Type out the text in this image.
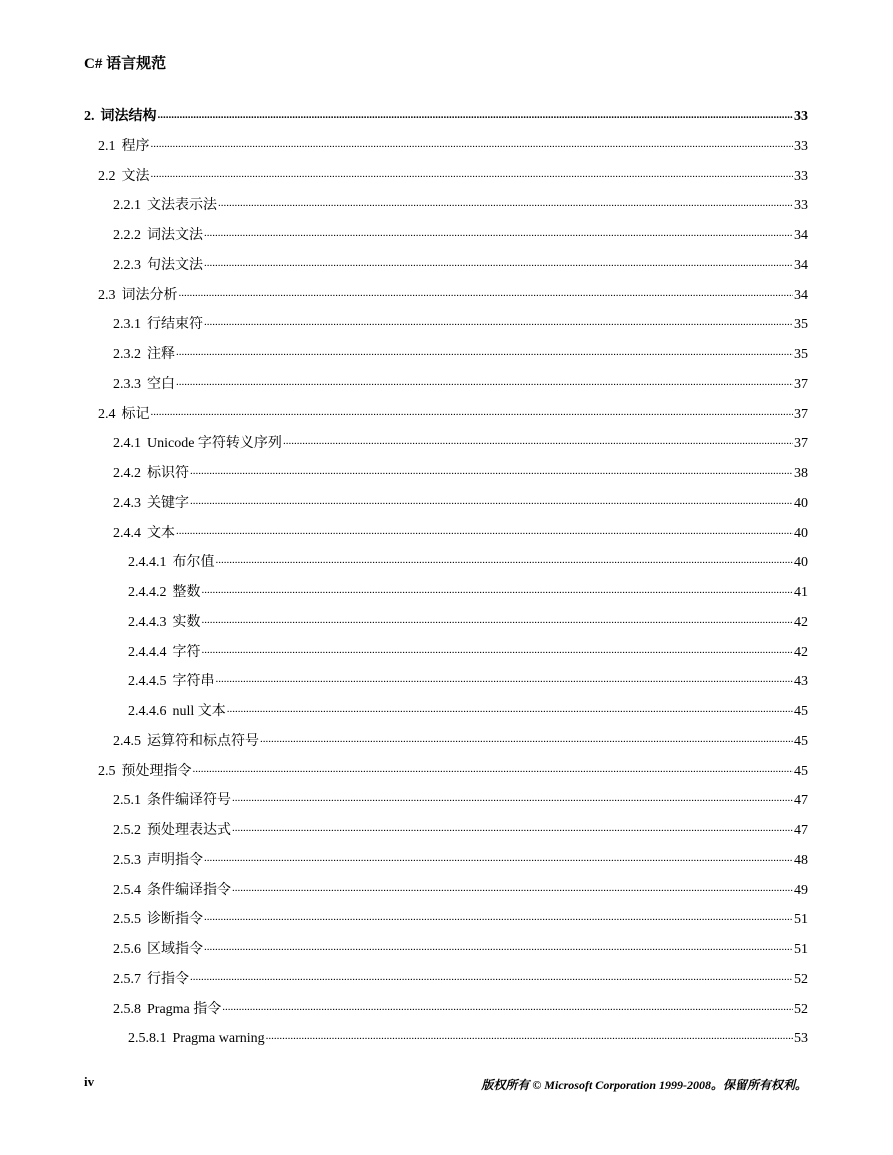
C# 语言规范
2. 词法结构 .....	33
2.1 程序 .....	33
2.2 文法 .....	33
2.2.1 文法表示法 .....	33
2.2.2 词法文法 .....	34
2.2.3 句法文法 .....	34
2.3 词法分析 .....	34
2.3.1 行结束符 .....	35
2.3.2 注释 .....	35
2.3.3 空白 .....	37
2.4 标记 .....	37
2.4.1 Unicode 字符转义序列 .....	37
2.4.2 标识符 .....	38
2.4.3 关键字 .....	40
2.4.4 文本 .....	40
2.4.4.1 布尔值 .....	40
2.4.4.2 整数 .....	41
2.4.4.3 实数 .....	42
2.4.4.4 字符 .....	42
2.4.4.5 字符串 .....	43
2.4.4.6 null 文本 .....	45
2.4.5 运算符和标点符号 .....	45
2.5 预处理指令 .....	45
2.5.1 条件编译符号 .....	47
2.5.2 预处理表达式 .....	47
2.5.3 声明指令 .....	48
2.5.4 条件编译指令 .....	49
2.5.5 诊断指令 .....	51
2.5.6 区域指令 .....	51
2.5.7 行指令 .....	52
2.5.8 Pragma 指令 .....	52
2.5.8.1 Pragma warning .....	53
iv	版权所有 © Microsoft Corporation 1999-2008。保留所有权利。
